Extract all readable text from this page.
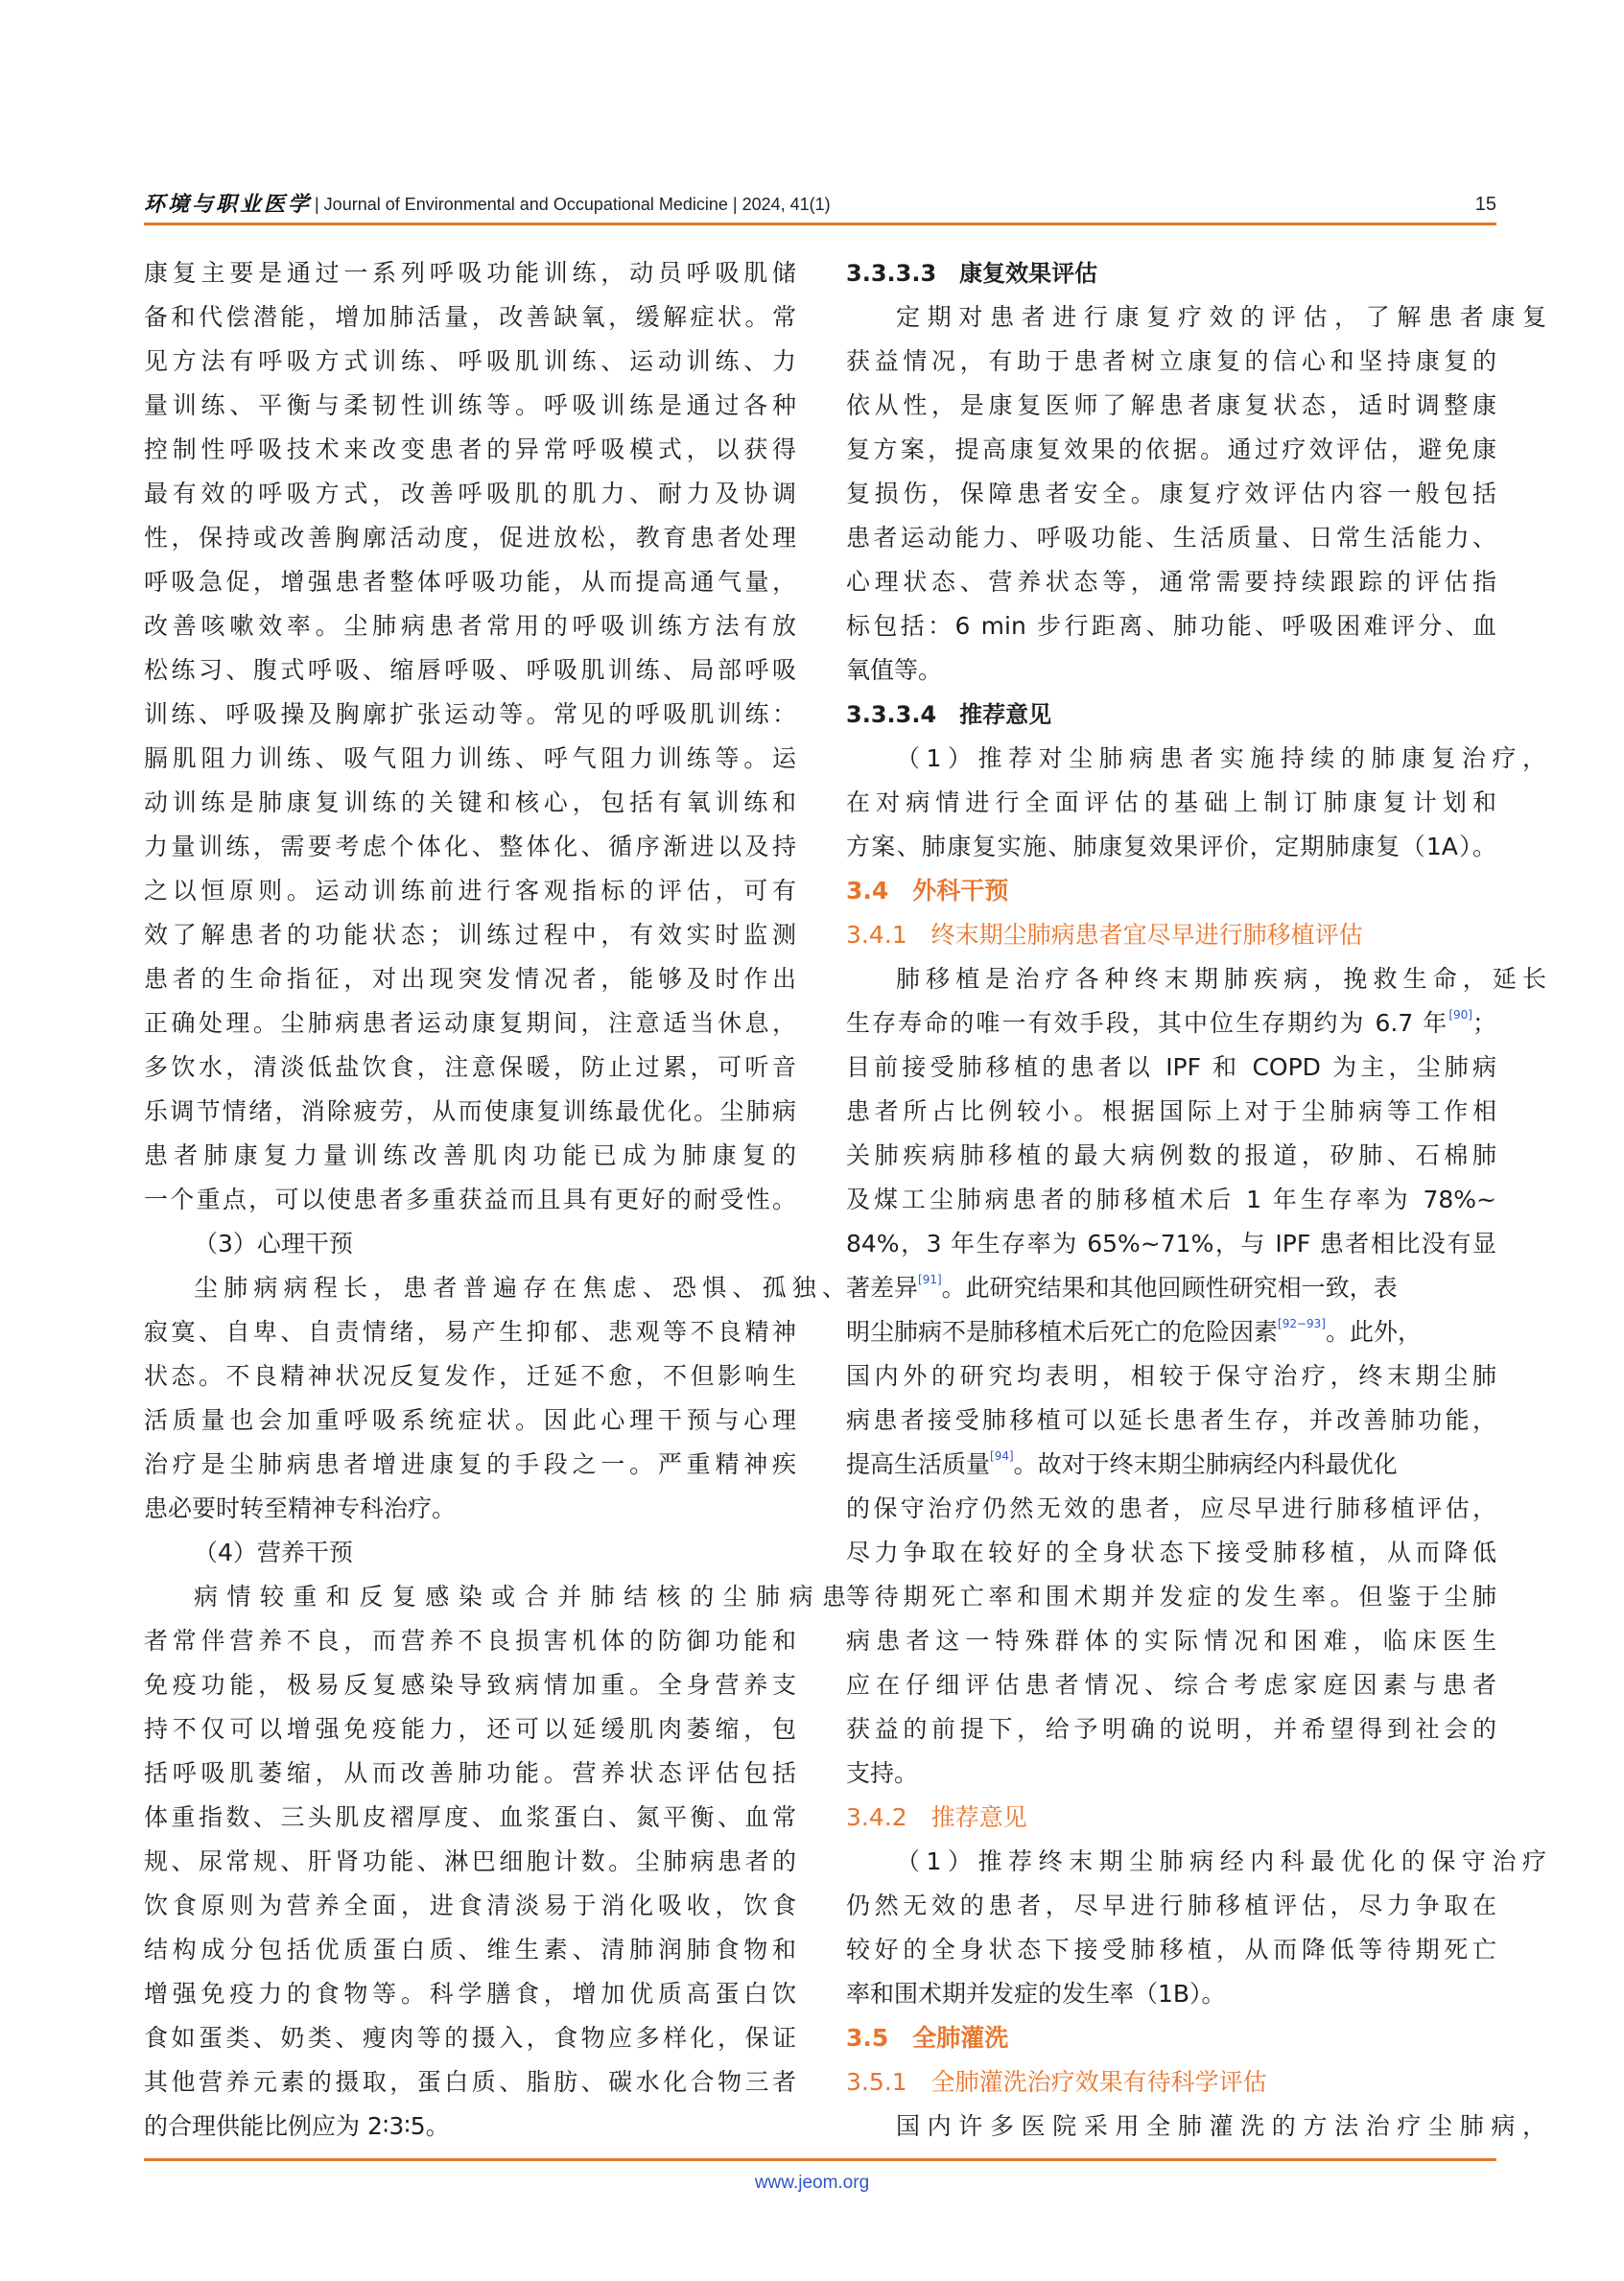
环境与职业医学 | Journal of Environmental and Occupational Medicine | 2024, 41(1)	15
康复主要是通过一系列呼吸功能训练，动员呼吸肌储
备和代偿潜能，增加肺活量，改善缺氧，缓解症状。常
见方法有呼吸方式训练、呼吸肌训练、运动训练、力
量训练、平衡与柔韧性训练等。呼吸训练是通过各种
控制性呼吸技术来改变患者的异常呼吸模式，以获得
最有效的呼吸方式，改善呼吸肌的肌力、耐力及协调
性，保持或改善胸廓活动度，促进放松，教育患者处理
呼吸急促，增强患者整体呼吸功能，从而提高通气量，
改善咳嗽效率。尘肺病患者常用的呼吸训练方法有放
松练习、腹式呼吸、缩唇呼吸、呼吸肌训练、局部呼吸
训练、呼吸操及胸廓扩张运动等。常见的呼吸肌训练：
膈肌阻力训练、吸气阻力训练、呼气阻力训练等。运
动训练是肺康复训练的关键和核心，包括有氧训练和
力量训练，需要考虑个体化、整体化、循序渐进以及持
之以恒原则。运动训练前进行客观指标的评估，可有
效了解患者的功能状态；训练过程中，有效实时监测
患者的生命指征，对出现突发情况者，能够及时作出
正确处理。尘肺病患者运动康复期间，注意适当休息，
多饮水，清淡低盐饮食，注意保暖，防止过累，可听音
乐调节情绪，消除疲劳，从而使康复训练最优化。尘肺病
患者肺康复力量训练改善肌肉功能已成为肺康复的
一个重点，可以使患者多重获益而且具有更好的耐受性。
（3）心理干预
尘肺病病程长，患者普遍存在焦虑、恐惧、孤独、
寂寞、自卑、自责情绪，易产生抑郁、悲观等不良精神
状态。不良精神状况反复发作，迁延不愈，不但影响生
活质量也会加重呼吸系统症状。因此心理干预与心理
治疗是尘肺病患者增进康复的手段之一。严重精神疾
患必要时转至精神专科治疗。
（4）营养干预
病情较重和反复感染或合并肺结核的尘肺病患
者常伴营养不良，而营养不良损害机体的防御功能和
免疫功能，极易反复感染导致病情加重。全身营养支
持不仅可以增强免疫能力，还可以延缓肌肉萎缩，包
括呼吸肌萎缩，从而改善肺功能。营养状态评估包括
体重指数、三头肌皮褶厚度、血浆蛋白、氮平衡、血常
规、尿常规、肝肾功能、淋巴细胞计数。尘肺病患者的
饮食原则为营养全面，进食清淡易于消化吸收，饮食
结构成分包括优质蛋白质、维生素、清肺润肺食物和
增强免疫力的食物等。科学膳食，增加优质高蛋白饮
食如蛋类、奶类、瘦肉等的摄入，食物应多样化，保证
其他营养元素的摄取，蛋白质、脂肪、碳水化合物三者
的合理供能比例应为 2∶3∶5。
3.3.3.3　康复效果评估
定期对患者进行康复疗效的评估，了解患者康复
获益情况，有助于患者树立康复的信心和坚持康复的
依从性，是康复医师了解患者康复状态，适时调整康
复方案，提高康复效果的依据。通过疗效评估，避免康
复损伤，保障患者安全。康复疗效评估内容一般包括
患者运动能力、呼吸功能、生活质量、日常生活能力、
心理状态、营养状态等，通常需要持续跟踪的评估指
标包括：6 min 步行距离、肺功能、呼吸困难评分、血
氧值等。
3.3.3.4　推荐意见
（1）推荐对尘肺病患者实施持续的肺康复治疗，
在对病情进行全面评估的基础上制订肺康复计划和
方案、肺康复实施、肺康复效果评价，定期肺康复（1A）。
3.4　外科干预
3.4.1　终末期尘肺病患者宜尽早进行肺移植评估
肺移植是治疗各种终末期肺疾病，挽救生命，延长
生存寿命的唯一有效手段，其中位生存期约为 6.7 年[90]；
目前接受肺移植的患者以 IPF 和 COPD 为主，尘肺病
患者所占比例较小。根据国际上对于尘肺病等工作相
关肺疾病肺移植的最大病例数的报道，矽肺、石棉肺
及煤工尘肺病患者的肺移植术后 1 年生存率为 78%~
84%，3 年生存率为 65%~71%，与 IPF 患者相比没有显
著差异[91]。此研究结果和其他回顾性研究相一致，表
明尘肺病不是肺移植术后死亡的危险因素[92−93]。此外，
国内外的研究均表明，相较于保守治疗，终末期尘肺
病患者接受肺移植可以延长患者生存，并改善肺功能，
提高生活质量[94]。故对于终末期尘肺病经内科最优化
的保守治疗仍然无效的患者，应尽早进行肺移植评估，
尽力争取在较好的全身状态下接受肺移植，从而降低
等待期死亡率和围术期并发症的发生率。但鉴于尘肺
病患者这一特殊群体的实际情况和困难，临床医生
应在仔细评估患者情况、综合考虑家庭因素与患者
获益的前提下，给予明确的说明，并希望得到社会的
支持。
3.4.2　推荐意见
（1）推荐终末期尘肺病经内科最优化的保守治疗
仍然无效的患者，尽早进行肺移植评估，尽力争取在
较好的全身状态下接受肺移植，从而降低等待期死亡
率和围术期并发症的发生率（1B）。
3.5　全肺灌洗
3.5.1　全肺灌洗治疗效果有待科学评估
国内许多医院采用全肺灌洗的方法治疗尘肺病，
www.jeom.org
